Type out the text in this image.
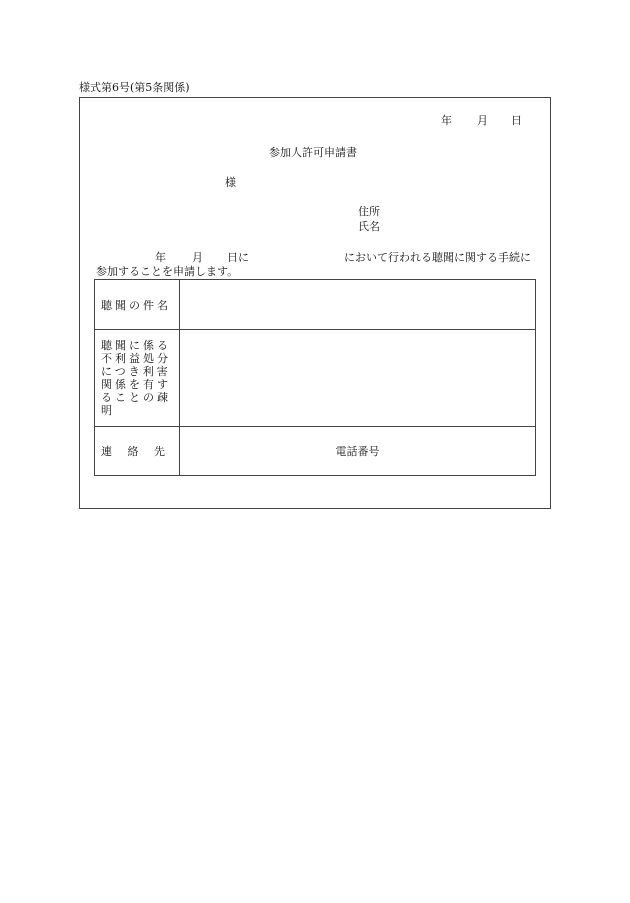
様式第6号(第5条関係)
年 月 日
参加人許可申請書
様
住所
氏名
年 月 日に	において行われる聴聞に関する手続に
参加することを申請します。
聴聞の件名	

聴聞に係る不利益処分につき利害関係を有することの疎明	

連 絡 先	電話番号
